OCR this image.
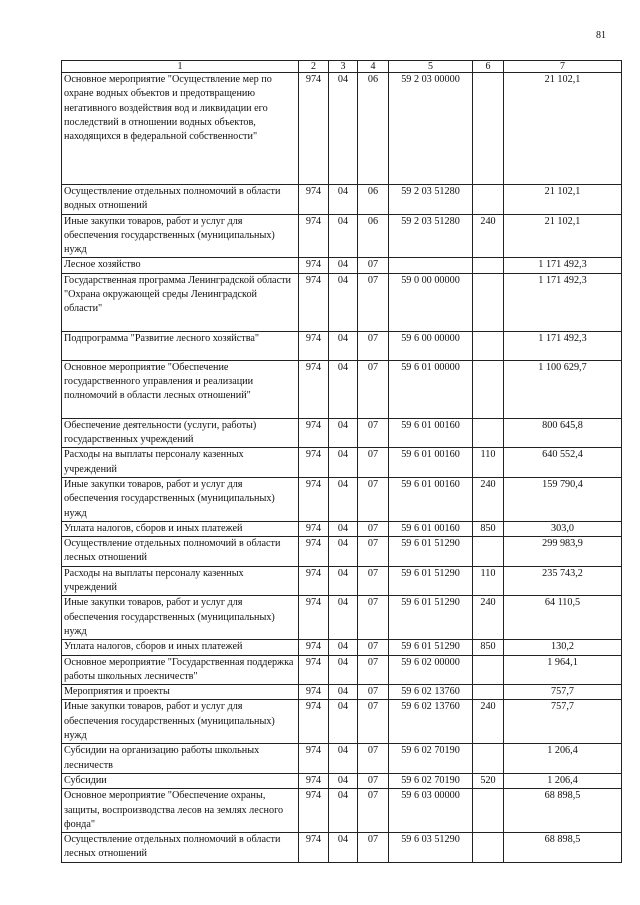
81
1	2	3	4	5	6	7
Основное мероприятие "Осуществление мер по охране водных объектов и предотвращению негативного воздействия вод и ликвидации его последствий в отношении водных объектов, находящихся в федеральной собственности"	974	04	06	59 2 03 00000		21 102,1
Осуществление отдельных полномочий в области водных отношений	974	04	06	59 2 03 51280		21 102,1
Иные закупки товаров, работ и услуг для обеспечения государственных (муниципальных) нужд	974	04	06	59 2 03 51280	240	21 102,1
Лесное хозяйство	974	04	07			1 171 492,3
Государственная программа Ленинградской области "Охрана окружающей среды Ленинградской области"	974	04	07	59 0 00 00000		1 171 492,3
Подпрограмма "Развитие лесного хозяйства"	974	04	07	59 6 00 00000		1 171 492,3
Основное мероприятие "Обеспечение государственного управления и реализации полномочий в области лесных отношений"	974	04	07	59 6 01 00000		1 100 629,7
Обеспечение деятельности (услуги, работы) государственных учреждений	974	04	07	59 6 01 00160		800 645,8
Расходы на выплаты персоналу казенных учреждений	974	04	07	59 6 01 00160	110	640 552,4
Иные закупки товаров, работ и услуг для обеспечения государственных (муниципальных) нужд	974	04	07	59 6 01 00160	240	159 790,4
Уплата налогов, сборов и иных платежей	974	04	07	59 6 01 00160	850	303,0
Осуществление отдельных полномочий в области лесных отношений	974	04	07	59 6 01 51290		299 983,9
Расходы на выплаты персоналу казенных учреждений	974	04	07	59 6 01 51290	110	235 743,2
Иные закупки товаров, работ и услуг для обеспечения государственных (муниципальных) нужд	974	04	07	59 6 01 51290	240	64 110,5
Уплата налогов, сборов и иных платежей	974	04	07	59 6 01 51290	850	130,2
Основное мероприятие "Государственная поддержка работы школьных лесничеств"	974	04	07	59 6 02 00000		1 964,1
Мероприятия и проекты	974	04	07	59 6 02 13760		757,7
Иные закупки товаров, работ и услуг для обеспечения государственных (муниципальных) нужд	974	04	07	59 6 02 13760	240	757,7
Субсидии на организацию работы школьных лесничеств	974	04	07	59 6 02 70190		1 206,4
Субсидии	974	04	07	59 6 02 70190	520	1 206,4
Основное мероприятие "Обеспечение охраны, защиты, воспроизводства лесов на землях лесного фонда"	974	04	07	59 6 03 00000		68 898,5
Осуществление отдельных полномочий в области лесных отношений	974	04	07	59 6 03 51290		68 898,5
